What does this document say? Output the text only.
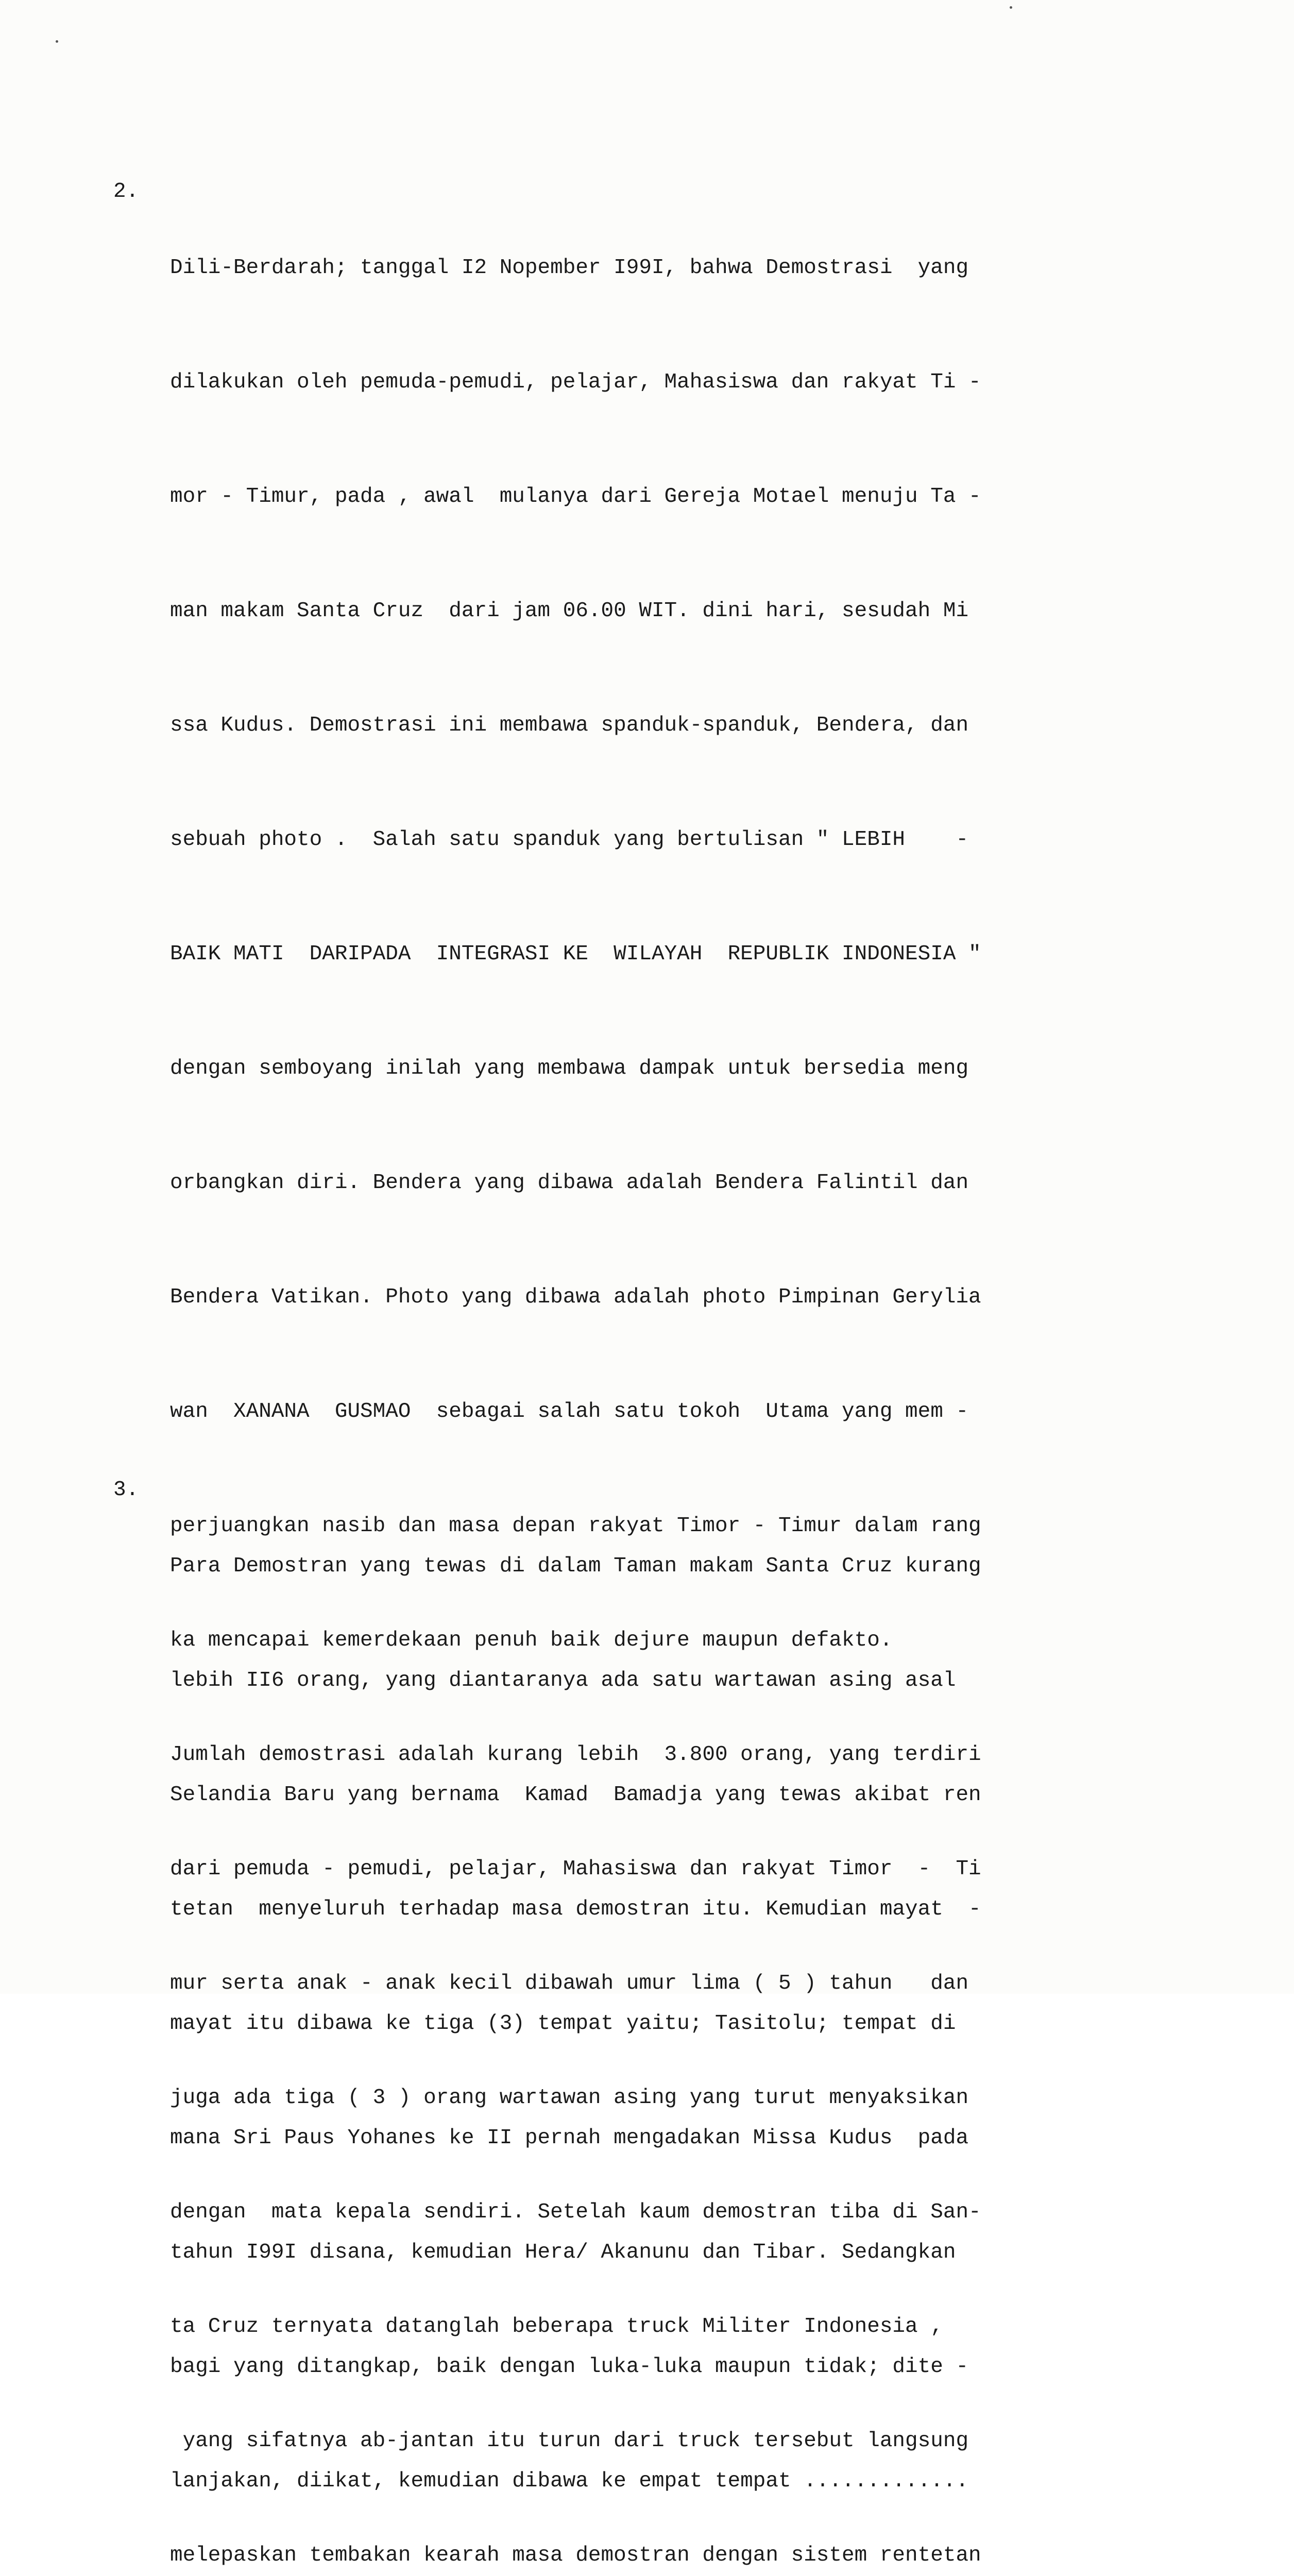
2.

Dili-Berdarah; tanggal I2 Nopember I99I, bahwa Demostrasi  yang

dilakukan oleh pemuda-pemudi, pelajar, Mahasiswa dan rakyat Ti -

mor - Timur, pada , awal  mulanya dari Gereja Motael menuju Ta -

man makam Santa Cruz  dari jam 06.00 WIT. dini hari, sesudah Mi

ssa Kudus. Demostrasi ini membawa spanduk-spanduk, Bendera, dan

sebuah photo .  Salah satu spanduk yang bertulisan " LEBIH    -

BAIK MATI  DARIPADA  INTEGRASI KE  WILAYAH  REPUBLIK INDONESIA "

dengan semboyang inilah yang membawa dampak untuk bersedia meng

orbangkan diri. Bendera yang dibawa adalah Bendera Falintil dan

Bendera Vatikan. Photo yang dibawa adalah photo Pimpinan Gerylia

wan  XANANA  GUSMAO  sebagai salah satu tokoh  Utama yang mem -

perjuangkan nasib dan masa depan rakyat Timor - Timur dalam rang

ka mencapai kemerdekaan penuh baik dejure maupun defakto.

Jumlah demostrasi adalah kurang lebih  3.800 orang, yang terdiri

dari pemuda - pemudi, pelajar, Mahasiswa dan rakyat Timor  -  Ti

mur serta anak - anak kecil dibawah umur lima ( 5 ) tahun   dan

juga ada tiga ( 3 ) orang wartawan asing yang turut menyaksikan

dengan  mata kepala sendiri. Setelah kaum demostran tiba di San-

ta Cruz ternyata datanglah beberapa truck Militer Indonesia ,

yang sifatnya ab-jantan itu turun dari truck tersebut langsung

melepaskan tembakan kearah masa demostran dengan sistem rentetan

3.

Para Demostran yang tewas di dalam Taman makam Santa Cruz kurang

lebih II6 orang, yang diantaranya ada satu wartawan asing asal

Selandia Baru yang bernama  Kamad  Bamadja yang tewas akibat ren

tetan  menyeluruh terhadap masa demostran itu. Kemudian mayat  -

mayat itu dibawa ke tiga (3) tempat yaitu; Tasitolu; tempat di

mana Sri Paus Yohanes ke II pernah mengadakan Missa Kudus  pada

tahun I99I disana, kemudian Hera/ Akanunu dan Tibar. Sedangkan

bagi yang ditangkap, baik dengan luka-luka maupun tidak; dite -

lanjakan, diikat, kemudian dibawa ke empat tempat .............
